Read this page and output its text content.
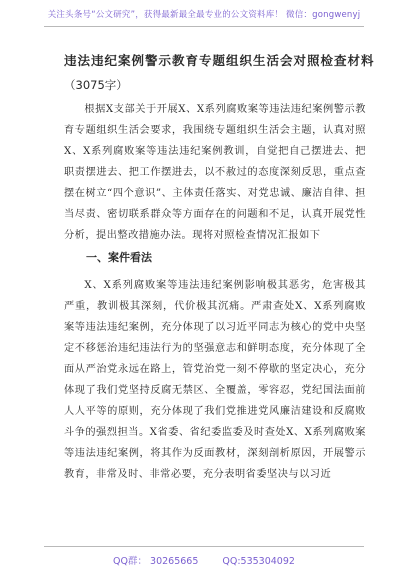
关注头条号“公文研究”，获得最新最全最专业的公文资料库！ 微信：gongwenyj
违法违纪案例警示教育专题组织生活会对照检查材料

（3075字）

根据X支部关于开展X、X系列腐败案等违法违纪案例警示教育专题组织生活会要求，我围绕专题组织生活会主题，认真对照X、X系列腐败案等违法违纪案例教训，自觉把自己摆进去、把职责摆进去、把工作摆进去，以不赦过的态度深刻反思，重点查摆在树立“四个意识”、主体责任落实、对党忠诚、廉洁自律、担当尽责、密切联系群众等方面存在的问题和不足，认真开展党性分析，提出整改措施办法。现将对照检查情况汇报如下

一、案件看法

X、X系列腐败案等违法违纪案例影响极其恶劣，危害极其严重，教训极其深刻，代价极其沉痛。严肃查处X、X系列腐败案等违法违纪案例，充分体现了以习近平同志为核心的党中央坚定不移惩治违纪违法行为的坚强意志和鲜明态度，充分体现了全面从严治党永远在路上，管党治党一刻不停歇的坚定决心，充分体现了我们党坚持反腐无禁区、全覆盖，零容忍，党纪国法面前人人平等的原则，充分体现了我们党推进党风廉洁建设和反腐败斗争的强烈担当。X省委、省纪委监委及时查处X、X系列腐败案等违法违纪案例，将其作为反面教材，深刻剖析原因，开展警示教育，非常及时、非常必要，充分表明省委坚决与以习近

QQ群： 30265665	QQ:535304092
